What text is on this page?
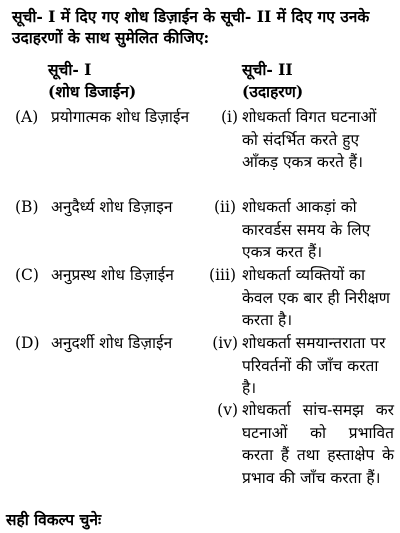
सूची- I में दिए गए शोध डिज़ाईन के सूची- II में दिए गए उनके उदाहरणों के साथ सुमेलित कीजिए:
सूची- I
(शोध डिजाईन)
सूची- II
(उदाहरण)
(A) प्रयोगात्मक शोध डिज़ाईन	(i) शोधकर्ता विगत घटनाओं को संदर्भित करते हुए आँकड़ एकत्र करते हैं।
(B) अनुदैर्ध्य शोध डिज़ाइन	(ii) शोधकर्ता आकड़ां को कारवर्डस समय के लिए एकत्र करत हैं।
(C) अनुप्रस्थ शोध डिज़ाईन	(iii) शोधकर्ता व्यक्तियों का केवल एक बार ही निरीक्षण करता है।
(D) अनुदर्शी शोध डिज़ाईन	(iv) शोधकर्ता समयान्तराता पर परिवर्तनों की जाँच करता है।
(v) शोधकर्ता सांच-समझ कर घटनाओं को प्रभावित करता हैं तथा हस्ताक्षेप के प्रभाव की जाँच करता हैं।
सही विकल्प चुनेः
